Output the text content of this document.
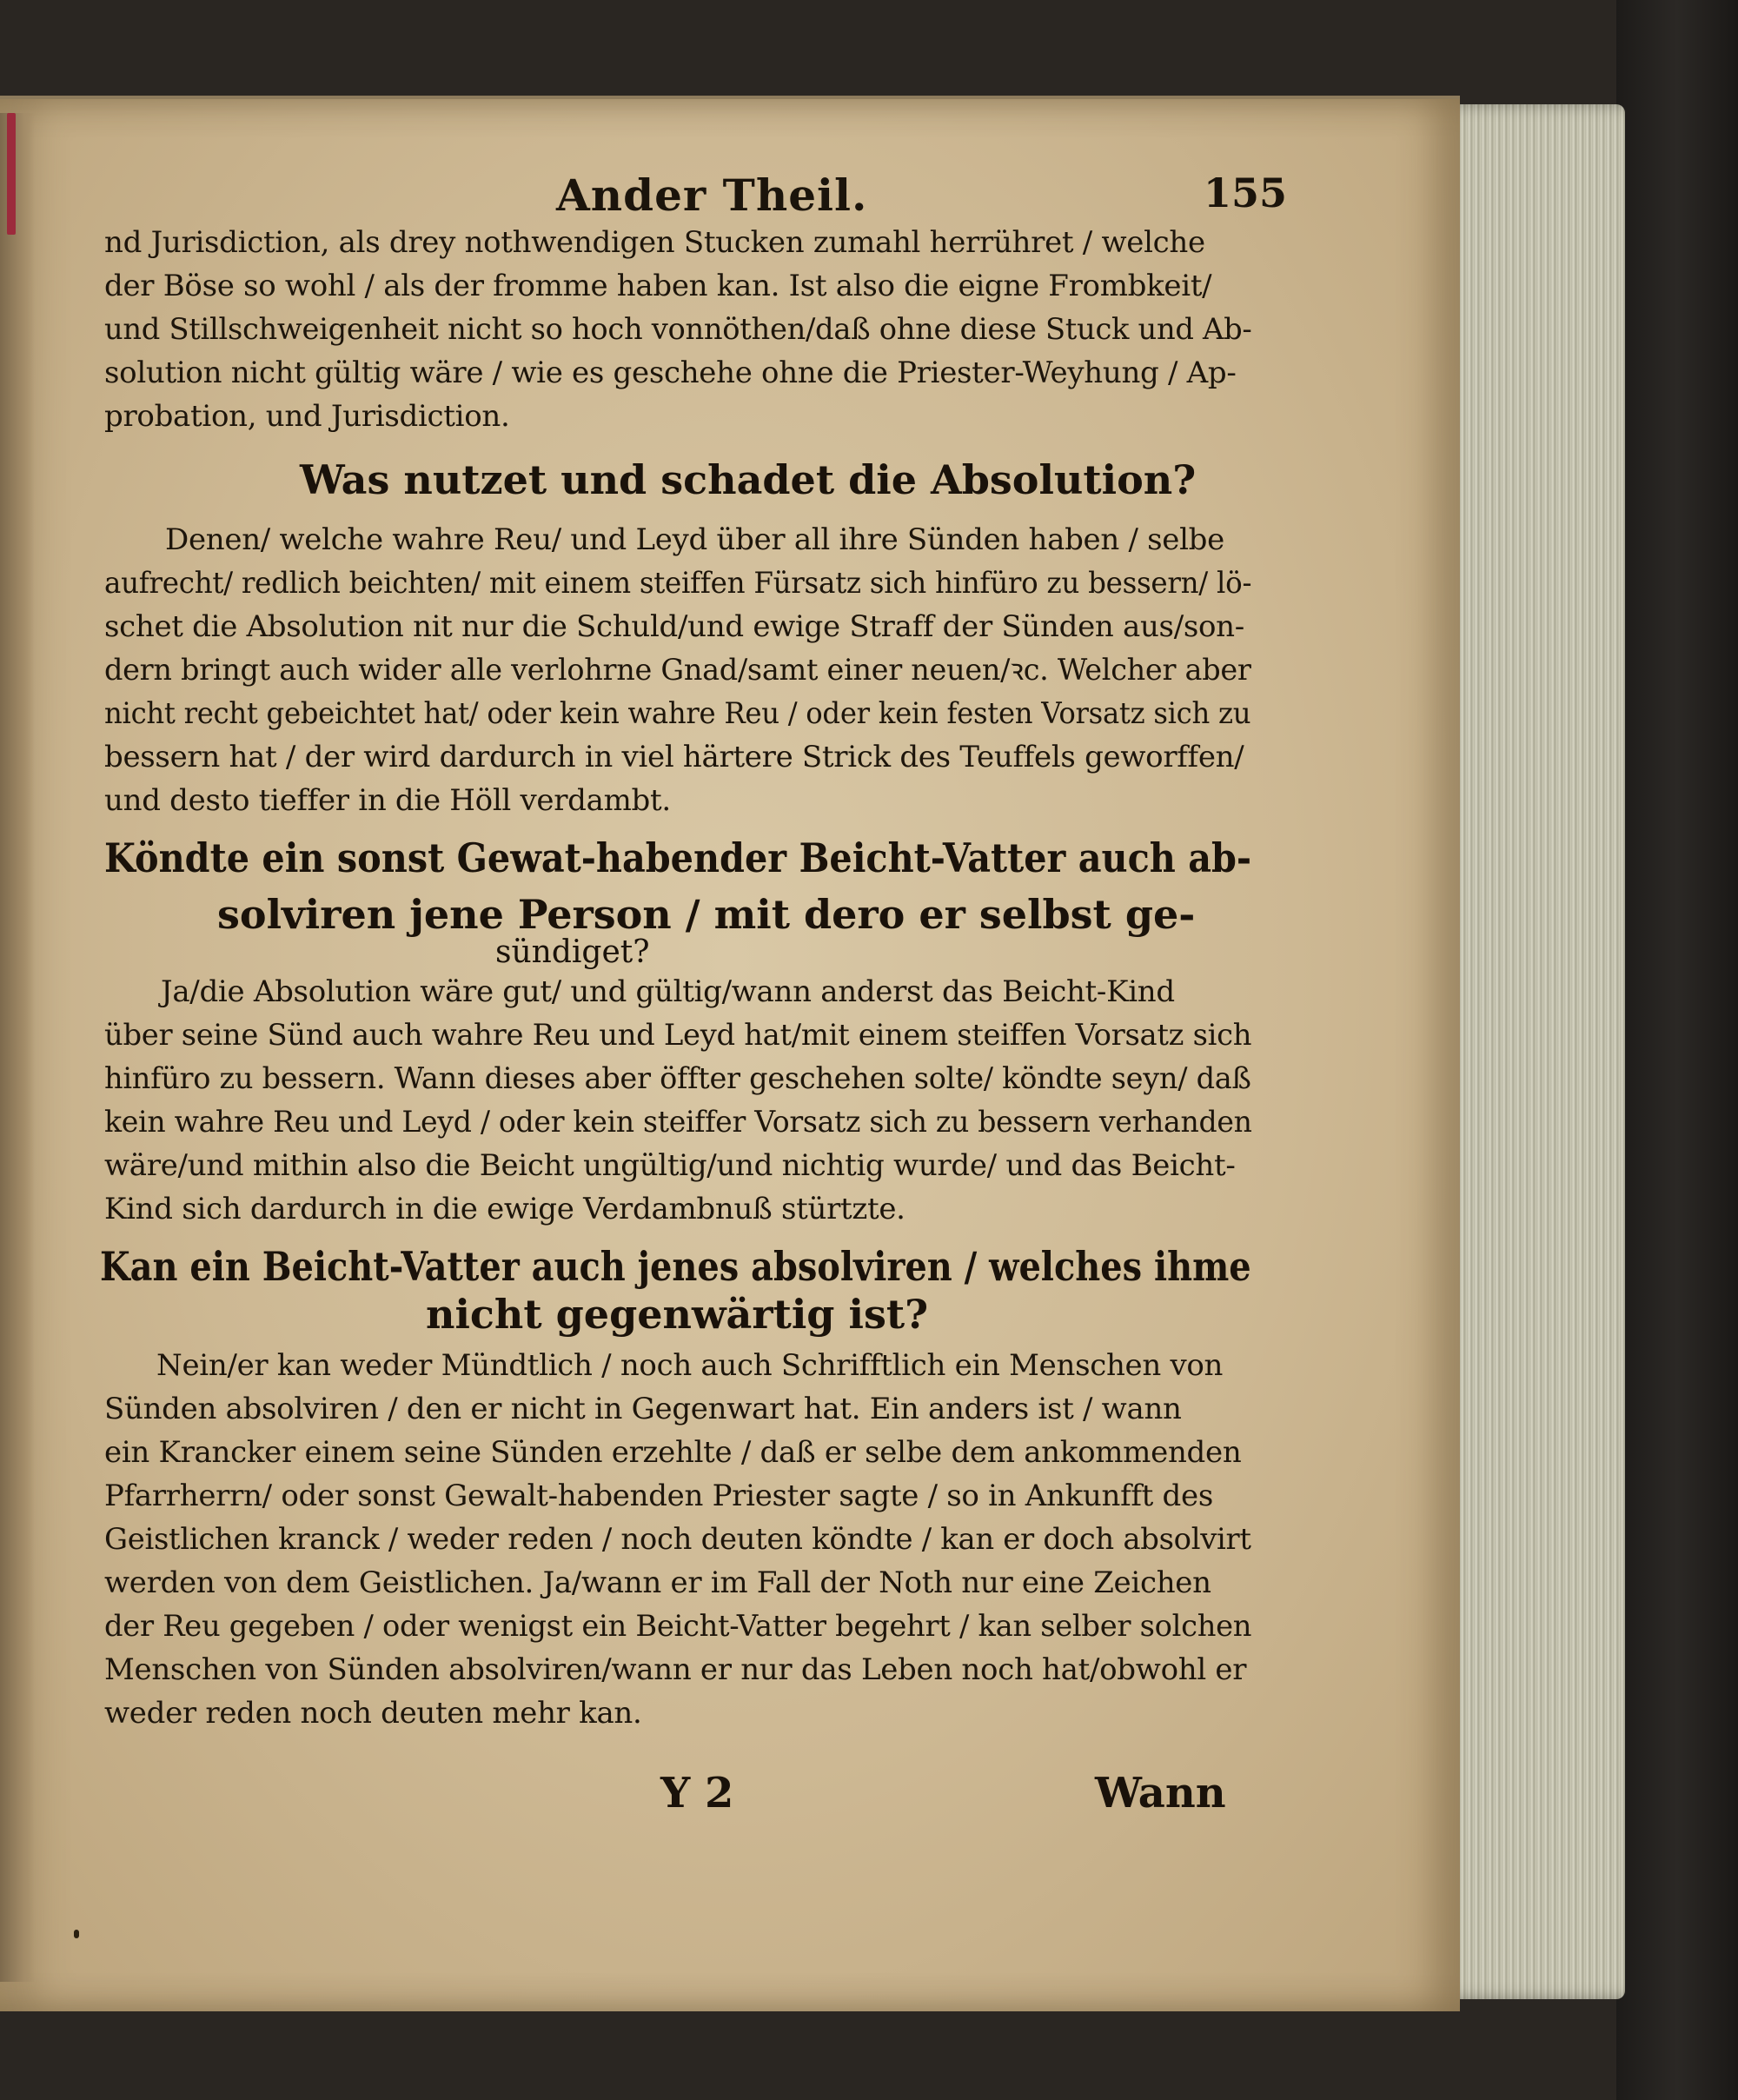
Ander Theil.	155
nd Jurisdiction, als drey nothwendigen Stucken zumahl herrühret / welche
der Böse so wohl / als der fromme haben kan. Ist also die eigne Frombkeit/
und Stillschweigenheit nicht so hoch vonnöthen/daß ohne diese Stuck und Ab-
solution nicht gültig wäre / wie es geschehe ohne die Priester-Weyhung / Ap-
probation, und Jurisdiction.
Was nutzet und schadet die Absolution?
Denen/ welche wahre Reu/ und Leyd über all ihre Sünden haben / selbe
aufrecht/ redlich beichten/ mit einem steiffen Fürsatz sich hinfüro zu bessern/ lö-
schet die Absolution nit nur die Schuld/und ewige Straff der Sünden aus/son-
dern bringt auch wider alle verlohrne Gnad/samt einer neuen/ꝛc. Welcher aber
nicht recht gebeichtet hat/ oder kein wahre Reu / oder kein festen Vorsatz sich zu
bessern hat / der wird dardurch in viel härtere Strick des Teuffels geworffen/
und desto tieffer in die Höll verdambt.
Köndte ein sonst Gewat-habender Beicht-Vatter auch ab-
solviren jene Person / mit dero er selbst ge-
sündiget?
Ja/die Absolution wäre gut/ und gültig/wann anderst das Beicht-Kind
über seine Sünd auch wahre Reu und Leyd hat/mit einem steiffen Vorsatz sich
hinfüro zu bessern. Wann dieses aber öffter geschehen solte/ köndte seyn/ daß
kein wahre Reu und Leyd / oder kein steiffer Vorsatz sich zu bessern verhanden
wäre/und mithin also die Beicht ungültig/und nichtig wurde/ und das Beicht-
Kind sich dardurch in die ewige Verdambnuß stürtzte.
Kan ein Beicht-Vatter auch jenes absolviren / welches ihme
nicht gegenwärtig ist?
Nein/er kan weder Mündtlich / noch auch Schrifftlich ein Menschen von
Sünden absolviren / den er nicht in Gegenwart hat. Ein anders ist / wann
ein Krancker einem seine Sünden erzehlte / daß er selbe dem ankommenden
Pfarrherrn/ oder sonst Gewalt-habenden Priester sagte / so in Ankunfft des
Geistlichen kranck / weder reden / noch deuten köndte / kan er doch absolvirt
werden von dem Geistlichen. Ja/wann er im Fall der Noth nur eine Zeichen
der Reu gegeben / oder wenigst ein Beicht-Vatter begehrt / kan selber solchen
Menschen von Sünden absolviren/wann er nur das Leben noch hat/obwohl er
weder reden noch deuten mehr kan.
Y 2	Wann
